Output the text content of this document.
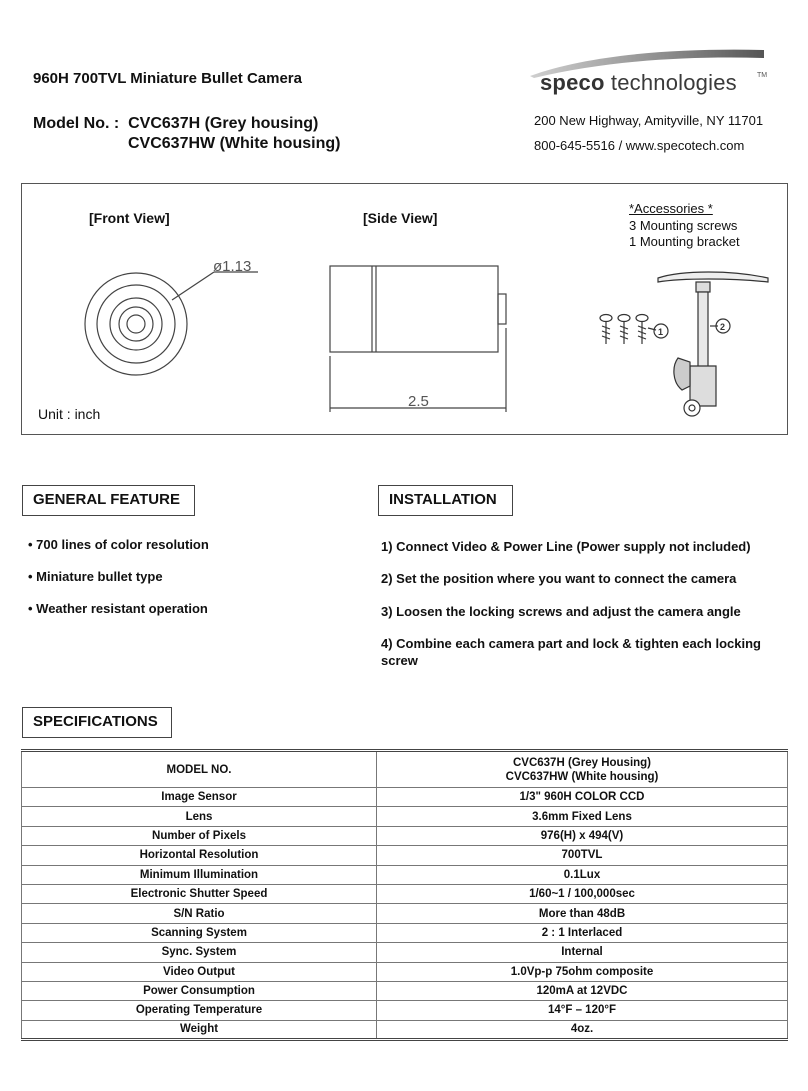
960H 700TVL Miniature Bullet Camera
Model No. : CVC637H (Grey housing)
CVC637HW (White housing)
speco technologies	TM
200 New Highway, Amityville, NY 11701
800-645-5516 / www.specotech.com
[Front View]	[Side View]
Unit : inch
ø1.13
2.5
*Accessories *
3 Mounting screws
1 Mounting bracket
1	2
GENERAL FEATURE
• 700 lines of color resolution
• Miniature bullet type
• Weather resistant operation
INSTALLATION
1) Connect Video & Power Line (Power supply not included)
2) Set the position where you want to connect the camera
3) Loosen the locking screws and adjust the camera angle
4) Combine each camera part and lock & tighten each locking screw
SPECIFICATIONS
MODEL NO.	CVC637H (Grey Housing)
CVC637HW (White housing)
Image Sensor	1/3" 960H COLOR CCD
Lens	3.6mm Fixed Lens
Number of Pixels	976(H) x 494(V)
Horizontal Resolution	700TVL
Minimum Illumination	0.1Lux
Electronic Shutter Speed	1/60~1 / 100,000sec
S/N Ratio	More than 48dB
Scanning System	2 : 1 Interlaced
Sync. System	Internal
Video Output	1.0Vp-p 75ohm composite
Power Consumption	120mA at 12VDC
Operating Temperature	14°F – 120°F
Weight	4oz.
